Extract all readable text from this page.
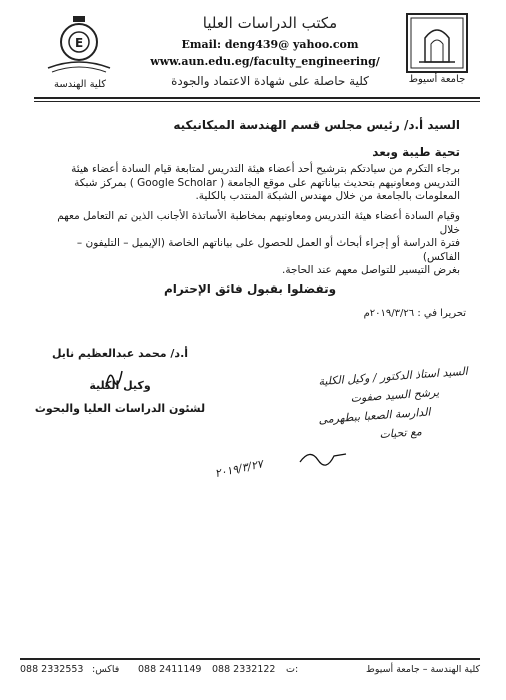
جامعة أسيوط
E
كلية الهندسة
مكتب الدراسات العليا
Email: deng439@ yahoo.com
www.aun.edu.eg/faculty_engineering/
كلية حاصلة على شهادة الاعتماد والجودة
السيد أ.د/ رئيس مجلس قسم الهندسة الميكانيكيه
تحية طيبة وبعد
برجاء التكرم من سيادتكم بترشيح أحد أعضاء هيئة التدريس لمتابعة قيام السادة أعضاء هيئة
التدريس ومعاونيهم بتحديث بياناتهم على موقع الجامعة ( Google Scholar ) بمركز شبكة
المعلومات بالجامعة من خلال مهندس الشبكة المنتدب بالكلية.
وقيام السادة أعضاء هيئة التدريس ومعاونيهم بمخاطبة الأساتذة الأجانب الذين تم التعامل معهم خلال
فترة الدراسة أو إجراء أبحاث أو العمل للحصول على بياناتهم الخاصة (الإيميل – التليفون – الفاكس)
بغرض التيسير للتواصل معهم عند الحاجة.
وتفضلوا بقبول فائق الإحترام
تحريرا في : ٢٠١٩/٣/٢٦م
أ.د/ محمد عبدالعظيم نايل
وكيل الكلية
لشئون الدراسات العليا والبحوث
السيد استاذ الدكتور / وكيل الكلية
يرشح السيد صفوت
الدارسة الصعبا ببطهرمى
مع تحيات
٢٠١٩/٣/٢٧
088 2332553 فاكس: 088 2411149 088 2332122 ت:	كلية الهندسة – جامعة أسيوط
